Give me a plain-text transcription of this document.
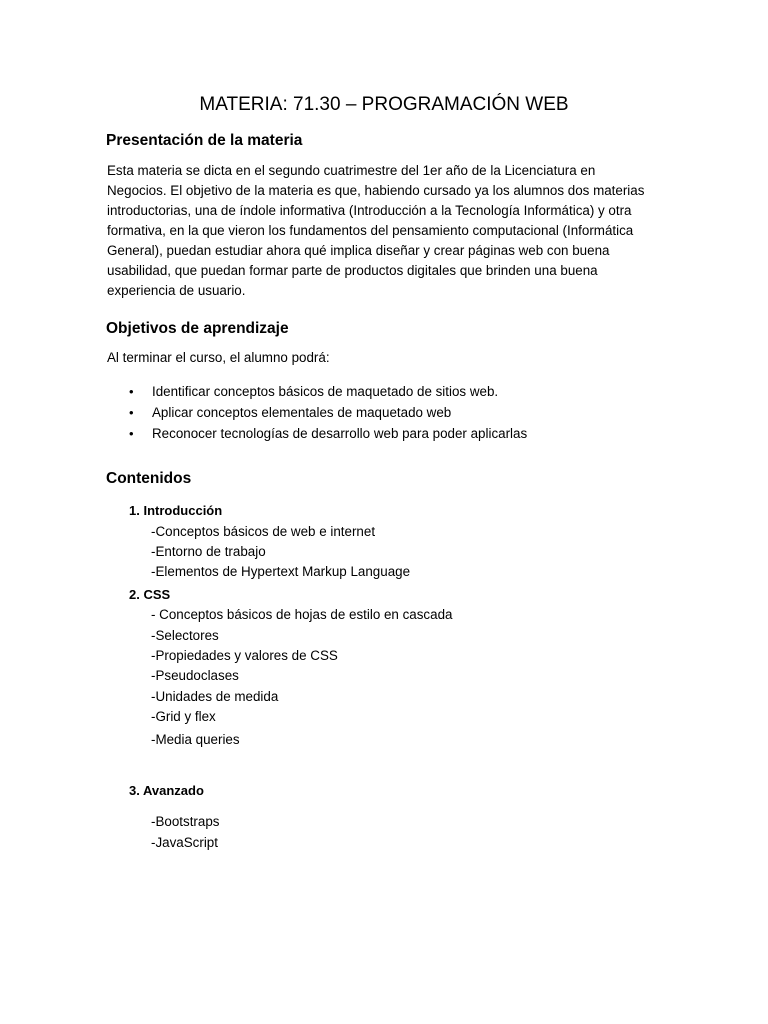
MATERIA: 71.30 – PROGRAMACIÓN WEB
Presentación de la materia
Esta materia se dicta en el segundo cuatrimestre del 1er año de la Licenciatura en
Negocios. El objetivo de la materia es que, habiendo cursado ya los alumnos dos materias
introductorias, una de índole informativa (Introducción a la Tecnología Informática) y otra
formativa, en la que vieron los fundamentos del pensamiento computacional (Informática
General), puedan estudiar ahora qué implica diseñar y crear páginas web con buena
usabilidad, que puedan formar parte de productos digitales que brinden una buena
experiencia de usuario.
Objetivos de aprendizaje
Al terminar el curso, el alumno podrá:
• Identificar conceptos básicos de maquetado de sitios web.
• Aplicar conceptos elementales de maquetado web
• Reconocer tecnologías de desarrollo web para poder aplicarlas
Contenidos
1. Introducción
-Conceptos básicos de web e internet
-Entorno de trabajo
-Elementos de Hypertext Markup Language
2. CSS
- Conceptos básicos de hojas de estilo en cascada
-Selectores
-Propiedades y valores de CSS
-Pseudoclases
-Unidades de medida
-Grid y flex
-Media queries
3. Avanzado
-Bootstraps
-JavaScript
